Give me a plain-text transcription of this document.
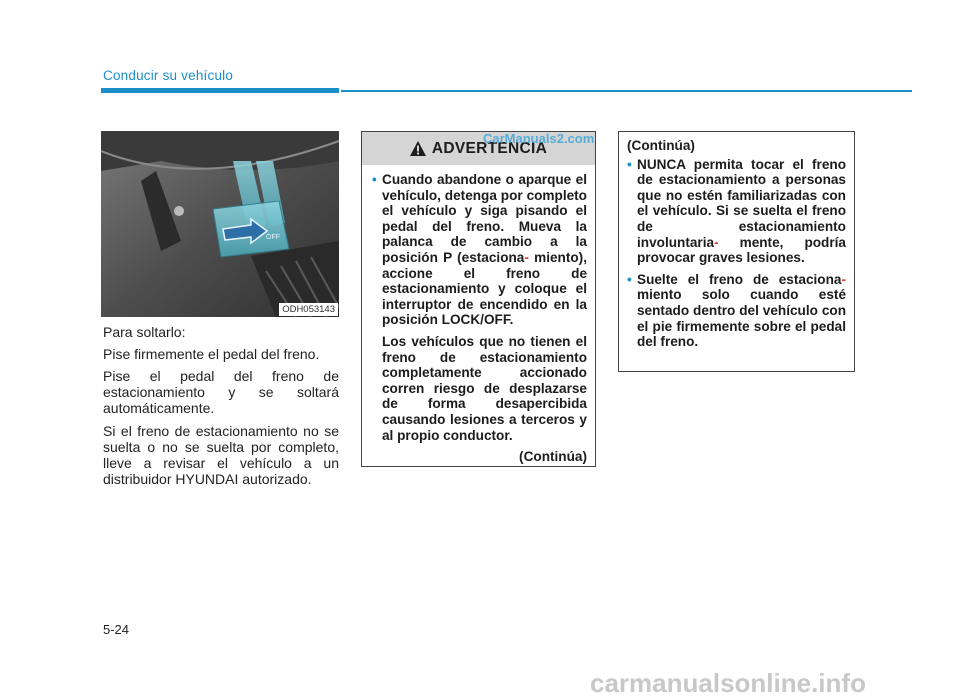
Conducir su vehículo
OFF
ODH053143

Para soltarlo:

Pise firmemente el pedal del freno.

Pise el pedal del freno de estacionamiento y se soltará automáticamente.

Si el freno de estacionamiento no se suelta o no se suelta por completo, lleve a revisar el vehículo a un distribuidor HYUNDAI autorizado.

ADVERTENCIA
• Cuando abandone o aparque el vehículo, detenga por completo el vehículo y siga pisando el pedal del freno. Mueva la palanca de cambio a la posición P (estaciona- miento), accione el freno de estacionamiento y coloque el interruptor de encendido en la posición LOCK/OFF.
Los vehículos que no tienen el freno de estacionamiento completamente accionado corren riesgo de desplazarse de forma desapercibida causando lesiones a terceros y al propio conductor.
(Continúa)
(Continúa)
• NUNCA permita tocar el freno de estacionamiento a personas que no estén familiarizadas con el vehículo. Si se suelta el freno de estacionamiento involuntaria- mente, podría provocar graves lesiones.
• Suelte el freno de estaciona- miento solo cuando esté sentado dentro del vehículo con el pie firmemente sobre el pedal del freno.
CarManuals2.com
5-24
carmanualsonline.info
